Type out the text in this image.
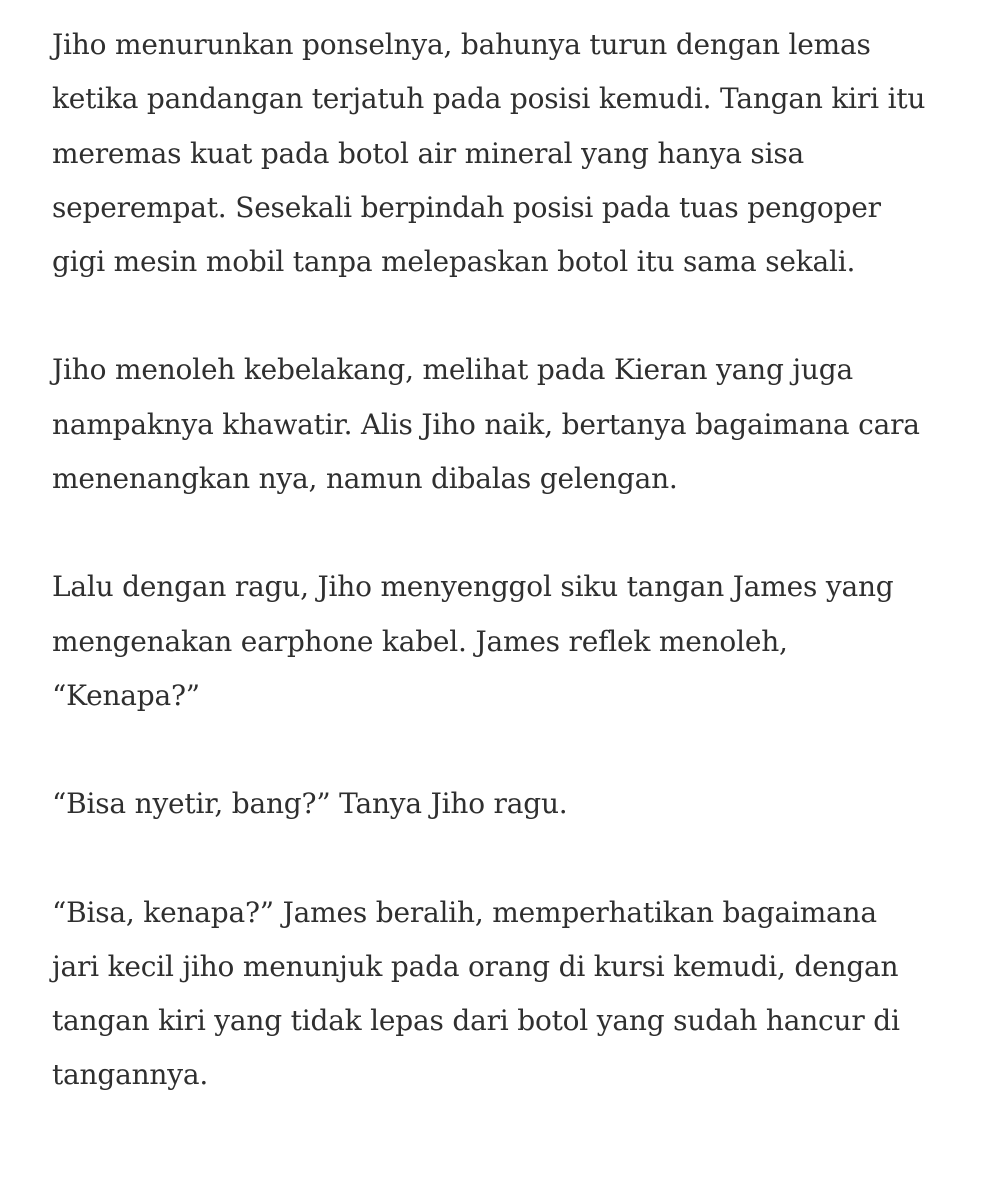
Jiho menurunkan ponselnya, bahunya turun dengan lemas
ketika pandangan terjatuh pada posisi kemudi. Tangan kiri itu
meremas kuat pada botol air mineral yang hanya sisa
seperempat. Sesekali berpindah posisi pada tuas pengoper
gigi mesin mobil tanpa melepaskan botol itu sama sekali.

Jiho menoleh kebelakang, melihat pada Kieran yang juga
nampaknya khawatir. Alis Jiho naik, bertanya bagaimana cara
menenangkan nya, namun dibalas gelengan.

Lalu dengan ragu, Jiho menyenggol siku tangan James yang
mengenakan earphone kabel. James reflek menoleh,
“Kenapa?”

“Bisa nyetir, bang?” Tanya Jiho ragu.

“Bisa, kenapa?” James beralih, memperhatikan bagaimana
jari kecil jiho menunjuk pada orang di kursi kemudi, dengan
tangan kiri yang tidak lepas dari botol yang sudah hancur di
tangannya.
